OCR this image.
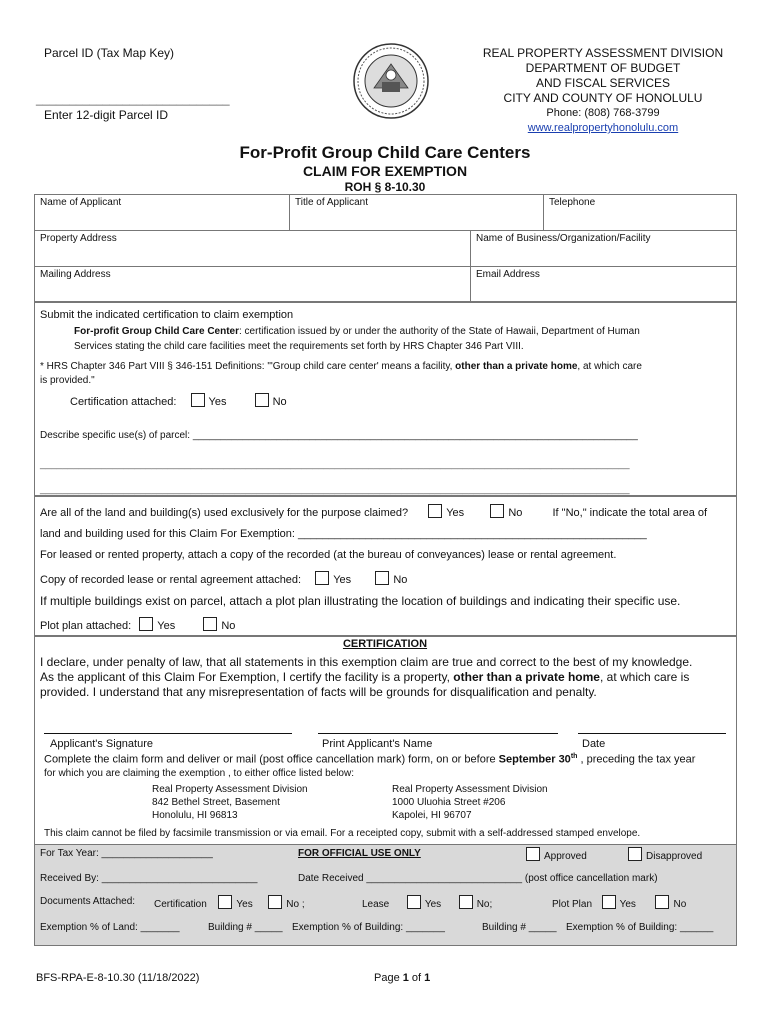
Parcel ID (Tax Map Key)
_____________________________
Enter 12-digit Parcel ID
REAL PROPERTY ASSESSMENT DIVISION
DEPARTMENT OF BUDGET
AND FISCAL SERVICES
CITY AND COUNTY OF HONOLULU
Phone: (808) 768-3799
www.realpropertyhonolulu.com
For-Profit Group Child Care Centers
CLAIM FOR EXEMPTION
ROH § 8-10.30
Name of Applicant	Title of Applicant	Telephone
Property Address	Name of Business/Organization/Facility
Mailing Address	Email Address
Submit the indicated certification to claim exemption
For-profit Group Child Care Center: certification issued by or under the authority of the State of Hawaii, Department of Human
Services stating the child care facilities meet the requirements set forth by HRS Chapter 346 Part VIII.
* HRS Chapter 346 Part VIII § 346-151 Definitions: "'Group child care center' means a facility, other than a private home, at which care
is provided."
Certification attached:	Yes	No
Describe specific use(s) of parcel: ________________________________________________________________________________
__________________________________________________________________________________________________________
__________________________________________________________________________________________________________
Are all of the land and building(s) used exclusively for the purpose claimed?	Yes	No	If "No," indicate the total area of
land and building used for this Claim For Exemption: _________________________________________________________
For leased or rented property, attach a copy of the recorded (at the bureau of conveyances) lease or rental agreement.
Copy of recorded lease or rental agreement attached:	Yes	No
If multiple buildings exist on parcel, attach a plot plan illustrating the location of buildings and indicating their specific use.
Plot plan attached: Yes	No
CERTIFICATION
I declare, under penalty of law, that all statements in this exemption claim are true and correct to the best of my knowledge.
As the applicant of this Claim For Exemption, I certify the facility is a property, other than a private home, at which care is
provided. I understand that any misrepresentation of facts will be grounds for disqualification and penalty.
Applicant's Signature	Print Applicant's Name	Date
Complete the claim form and deliver or mail (post office cancellation mark) form, on or before September 30th , preceding the tax year
for which you are claiming the exemption , to either office listed below:
Real Property Assessment Division
842 Bethel Street, Basement
Honolulu, HI 96813
Real Property Assessment Division
1000 Uluohia Street #206
Kapolei, HI 96707
This claim cannot be filed by facsimile transmission or via email. For a receipted copy, submit with a self-addressed stamped envelope.
For Tax Year: ____________________	FOR OFFICIAL USE ONLY	Approved	Disapproved
Received By: ____________________________	Date Received ____________________________ (post office cancellation mark)
Documents Attached: Certification	Yes	No ;	Lease	Yes	No;	Plot Plan	Yes	No
Exemption % of Land: _______	Building # _____ Exemption % of Building: _______	Building # _____ Exemption % of Building: ______
BFS-RPA-E-8-10.30 (11/18/2022)	Page 1 of 1
